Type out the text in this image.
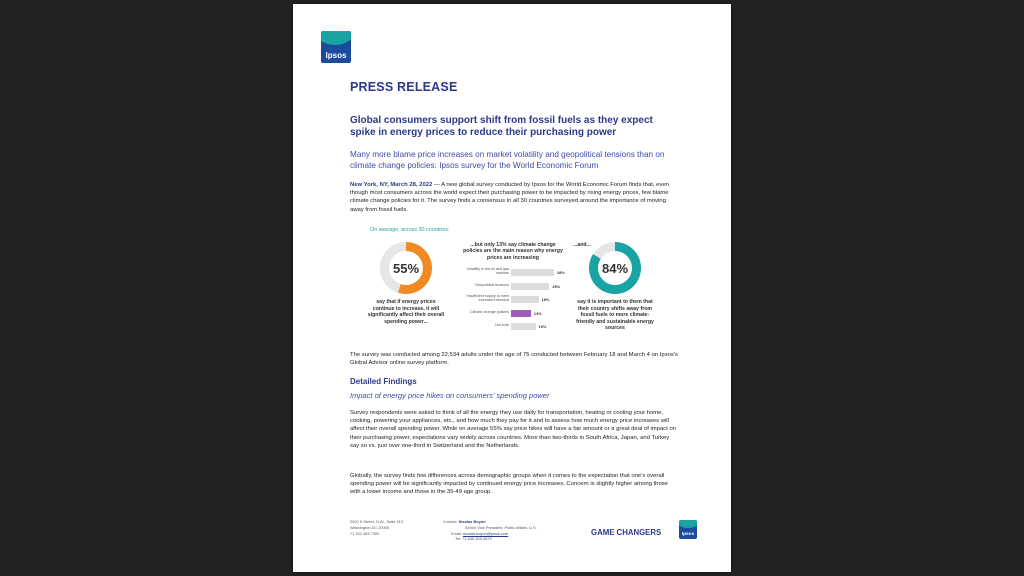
Ipsos
PRESS RELEASE
Global consumers support shift from fossil fuels as they expect spike in energy prices to reduce their purchasing power
Many more blame price increases on market volatility and geopolitical tensions than on climate change policies: Ipsos survey for the World Economic Forum
New York, NY, March 28, 2022 — A new global survey conducted by Ipsos for the World Economic Forum finds that, even though most consumers across the world expect their purchasing power to be impacted by rising energy prices, few blame climate change policies for it. The survey finds a consensus in all 30 countries surveyed around the importance of moving away from fossil fuels.
On average, across 30 countries:
55%
say that if energy prices continue to increase, it will significantly affect their overall spending power...
...but only 13% say climate change policies are the main reason why energy prices are increasing
...and...
Volatility in the oil and gas markets	28%
Geopolitical tensions	25%
Insufficient supply to meet increased demand	18%
Climate change policies	13%
Not sure	16%
84%
say it is important to them that their country shifts away from fossil fuels to more climate-friendly and sustainable energy sources
The survey was conducted among 22,534 adults under the age of 75 conducted between February 18 and March 4 on Ipsos's Global Advisor online survey platform.
Detailed Findings
Impact of energy price hikes on consumers' spending power
Survey respondents were asked to think of all the energy they use daily for transportation, heating or cooling your home, cooking, powering your appliances, etc., and how much they pay for it and to assess how much energy price increases will affect their overall spending power. While on average 55% say price hikes will have a fair amount or a great deal of impact on their purchasing power, expectations vary widely across countries. More than two-thirds in South Africa, Japan, and Turkey say so vs. just over one-third in Switzerland and the Netherlands.
Globally, the survey finds few differences across demographic groups when it comes to the expectation that one's overall spending power will be significantly impacted by continued energy price increases. Concern is slightly higher among those with a lower income and those in the 35-49 age group.
2020 K Street, N.W., Suite 410
Washington DC 20006
+1 202 463 7300
Contact: Nicolas Boyon
Senior Vice President, Public Affairs, U.S.
Email: nicolas.boyon@ipsos.com
Tel: +1 646 309-4879
GAME CHANGERS	Ipsos
